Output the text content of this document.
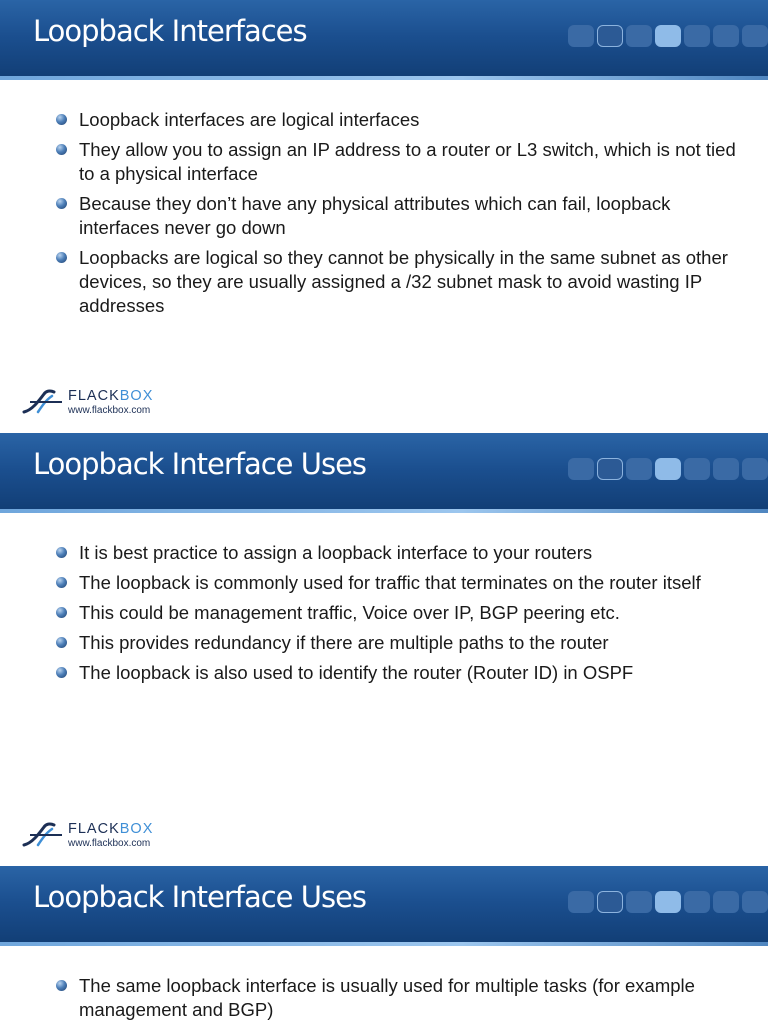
Loopback Interfaces
Loopback interfaces are logical interfaces
They allow you to assign an IP address to a router or L3 switch, which is not tied to a physical interface
Because they don’t have any physical attributes which can fail, loopback interfaces never go down
Loopbacks are logical so they cannot be physically in the same subnet as other devices, so they are usually assigned a /32 subnet mask to avoid wasting IP addresses
FLACKBOX
www.flackbox.com
Loopback Interface Uses
It is best practice to assign a loopback interface to your routers
The loopback is commonly used for traffic that terminates on the router itself
This could be management traffic, Voice over IP, BGP peering etc.
This provides redundancy if there are multiple paths to the router
The loopback is also used to identify the router (Router ID) in OSPF
FLACKBOX
www.flackbox.com
Loopback Interface Uses
The same loopback interface is usually used for multiple tasks (for example management and BGP)
